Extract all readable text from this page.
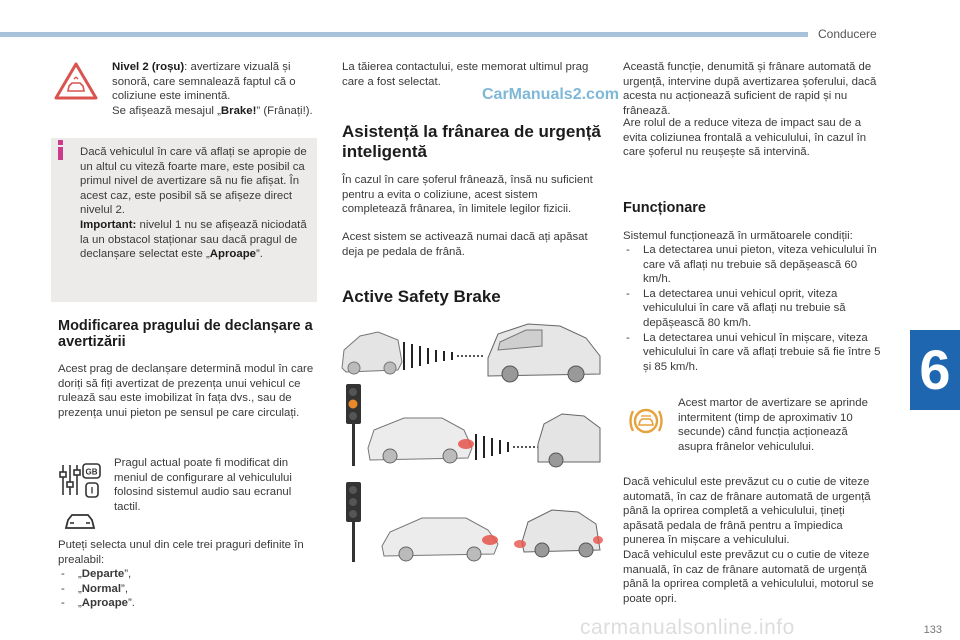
Conducere
Nivel 2 (roșu): avertizare vizuală și sonoră, care semnalează faptul că o coliziune este iminentă.
Se afișează mesajul „Brake!” (Frânați!).
Dacă vehiculul în care vă aflați se apropie de un altul cu viteză foarte mare, este posibil ca primul nivel de avertizare să nu fie afișat. În acest caz, este posibil să se afișeze direct nivelul 2.
Important: nivelul 1 nu se afișează niciodată la un obstacol staționar sau dacă pragul de declanșare selectat este „Aproape”.
Modificarea pragului de declanșare a avertizării
Acest prag de declanșare determină modul în care doriți să fiți avertizat de prezența unui vehicul ce rulează sau este imobilizat în fața dvs., sau de prezența unui pieton pe sensul pe care circulați.
GB
I
Pragul actual poate fi modificat din meniul de configurare al vehiculului folosind sistemul audio sau ecranul tactil.
Puteți selecta unul din cele trei praguri definite în prealabil:
- „Departe”,
- „Normal”,
- „Aproape”.
La tăierea contactului, este memorat ultimul prag care a fost selectat.
CarManuals2.com
Asistență la frânarea de urgență inteligentă
În cazul în care șoferul frânează, însă nu suficient pentru a evita o coliziune, acest sistem completează frânarea, în limitele legilor fizicii.
Acest sistem se activează numai dacă ați apăsat deja pe pedala de frână.
Active Safety Brake
Această funcție, denumită și frânare automată de urgență, intervine după avertizarea șoferului, dacă acesta nu acționează suficient de rapid și nu frânează.
Are rolul de a reduce viteza de impact sau de a evita coliziunea frontală a vehiculului, în cazul în care șoferul nu reușește să intervină.
Funcționare
Sistemul funcționează în următoarele condiții:
- La detectarea unui pieton, viteza vehiculului în care vă aflați nu trebuie să depășească 60 km/h.
- La detectarea unui vehicul oprit, viteza vehiculului în care vă aflați nu trebuie să depășească 80 km/h.
- La detectarea unui vehicul în mișcare, viteza vehiculului în care vă aflați trebuie să fie între 5 și 85 km/h.
Acest martor de avertizare se aprinde intermitent (timp de aproximativ 10 secunde) când funcția acționează asupra frânelor vehiculului.
Dacă vehiculul este prevăzut cu o cutie de viteze automată, în caz de frânare automată de urgență până la oprirea completă a vehiculului, țineți apăsată pedala de frână pentru a împiedica punerea în mișcare a vehiculului.
Dacă vehiculul este prevăzut cu o cutie de viteze manuală, în caz de frânare automată de urgență până la oprirea completă a vehiculului, motorul se poate opri.
6
carmanualsonline.info	133
